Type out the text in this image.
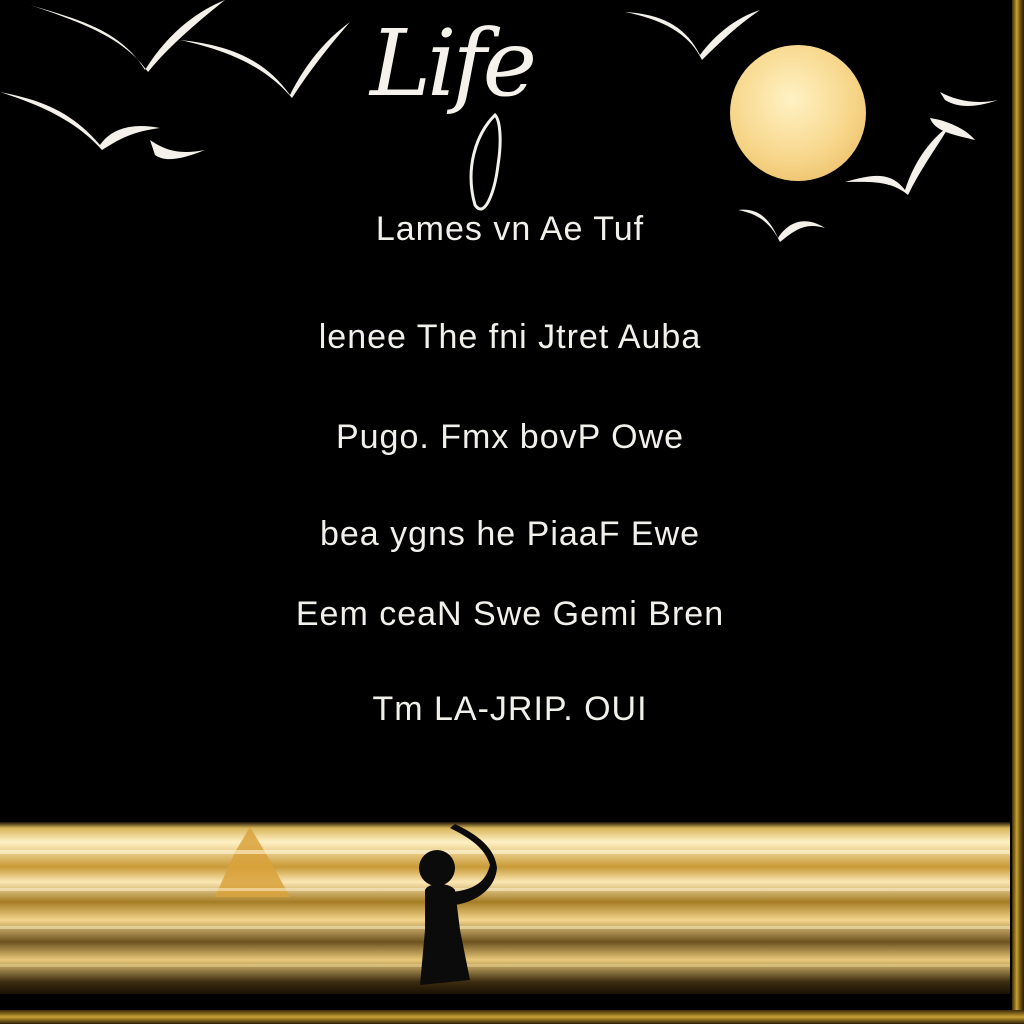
Life
Lames vn Ae Tuf
lenee The fni Jtret Auba
Pugo. Fmx bovP Owe
bea ygns he PiaaF Ewe
Eem ceaN Swe Gemi Bren
Tm LA-JRIP. OUI
